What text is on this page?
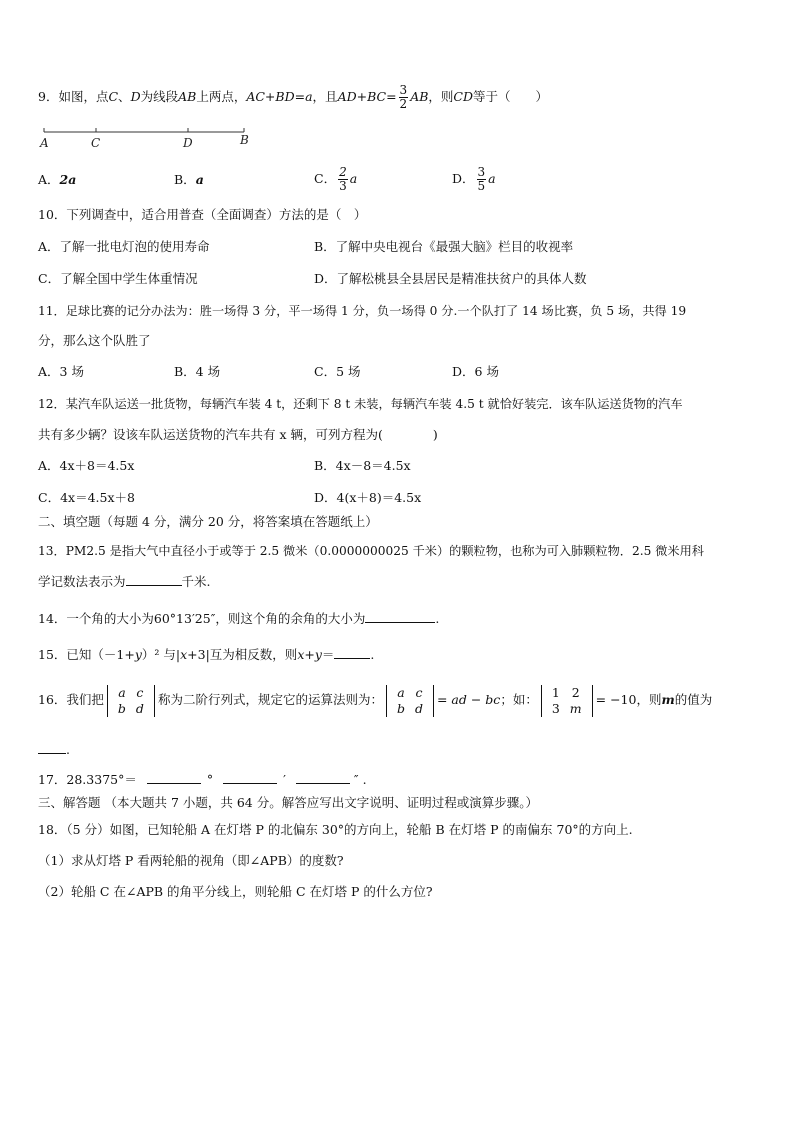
9．如图，点C、D为线段AB上两点，AC+BD=a，且$AD+BC= \frac{3}{2}$ AB，则CD等于（　　）
A	C	D	B
A．2a	B．a	C． $\frac{2}{3}$ a	D． $\frac{3}{5}$ a
10．下列调查中，适合用普查（全面调查）方法的是（　）
A．了解一批电灯泡的使用寿命	B．了解中央电视台《最强大脑》栏目的收视率
C．了解全国中学生体重情况	D．了解松桃县全县居民是精准扶贫户的具体人数
11．足球比赛的记分办法为：胜一场得 3 分，平一场得 1 分，负一场得 0 分.一个队打了 14 场比赛，负 5 场，共得 19
分，那么这个队胜了
A．3 场	B．4 场	C．5 场	D．6 场
12．某汽车队运送一批货物，每辆汽车装 4 t，还剩下 8 t 未装，每辆汽车装 4.5 t 就恰好装完．该车队运送货物的汽车
共有多少辆？设该车队运送货物的汽车共有 x 辆，可列方程为(　　　　)
A．4x＋8＝4.5x	B．4x－8＝4.5x
C．4x＝4.5x＋8	D．4(x＋8)＝4.5x
二、填空题（每题 4 分，满分 20 分，将答案填在答题纸上）
13．PM2.5 是指大气中直径小于或等于 2.5 微米（0.0000000025 千米）的颗粒物，也称为可入肺颗粒物．2.5 微米用科
学记数法表示为	千米.
14．一个角的大小为60°13′25″，则这个角的余角的大小为	.
15．已知（－1+y）² 与|x+3|互为相反数，则x+y＝	.
16．我们把 a	c
b	d
称为二阶行列式，规定它的运算法则为： a	c
b	d
= ad − bc；如： 1	2
3	m
= −10，则m的值为
.
17．28.3375°＝	°	′	″ .
三、解答题 （本大题共 7 小题，共 64 分。解答应写出文字说明、证明过程或演算步骤。）
18．（5 分）如图，已知轮船 A 在灯塔 P 的北偏东 30°的方向上，轮船 B 在灯塔 P 的南偏东 70°的方向上.
（1）求从灯塔 P 看两轮船的视角（即∠APB）的度数?
（2）轮船 C 在∠APB 的角平分线上，则轮船 C 在灯塔 P 的什么方位?
